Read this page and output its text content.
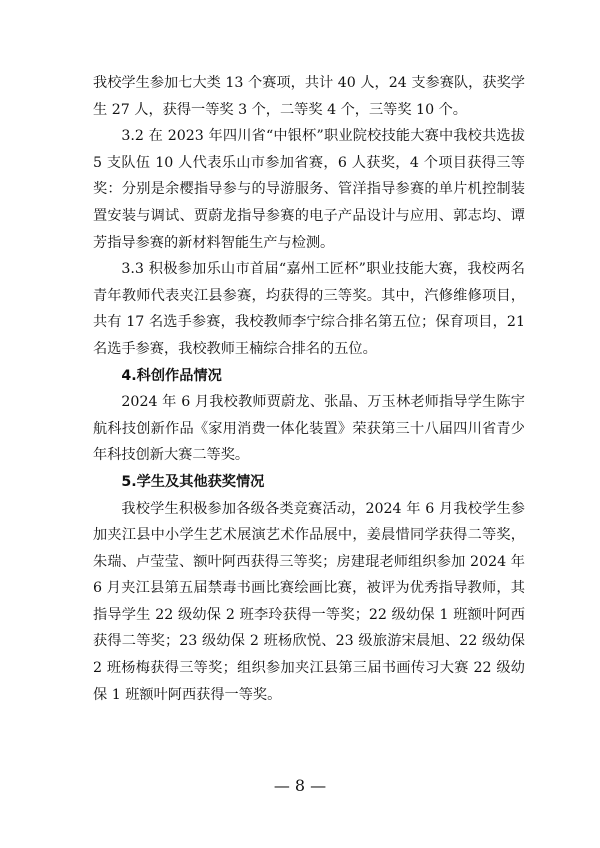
我校学生参加七大类 13 个赛项，共计 40 人，24 支参赛队，获奖学生 27 人，获得一等奖 3 个，二等奖 4 个，三等奖 10 个。

3.2 在 2023 年四川省“中银杯”职业院校技能大赛中我校共选拔 5 支队伍 10 人代表乐山市参加省赛，6 人获奖，4 个项目获得三等奖：分别是余樱指导参与的导游服务、管洋指导参赛的单片机控制装置安装与调试、贾蔚龙指导参赛的电子产品设计与应用、郭志均、谭芳指导参赛的新材料智能生产与检测。

3.3 积极参加乐山市首届“嘉州工匠杯”职业技能大赛，我校两名青年教师代表夹江县参赛，均获得的三等奖。其中，汽修维修项目，共有 17 名选手参赛，我校教师李宁综合排名第五位；保育项目，21 名选手参赛，我校教师王楠综合排名的五位。

4.科创作品情况

2024 年 6 月我校教师贾蔚龙、张晶、万玉林老师指导学生陈宇航科技创新作品《家用消费一体化装置》荣获第三十八届四川省青少年科技创新大赛二等奖。

5.学生及其他获奖情况

我校学生积极参加各级各类竞赛活动，2024 年 6 月我校学生参加夹江县中小学生艺术展演艺术作品展中，姜晨惜同学获得二等奖，朱瑞、卢莹莹、额叶阿西获得三等奖；房建琨老师组织参加 2024 年 6 月夹江县第五届禁毒书画比赛绘画比赛，被评为优秀指导教师，其指导学生 22 级幼保 2 班李玲获得一等奖；22 级幼保 1 班额叶阿西获得二等奖；23 级幼保 2 班杨欣悦、23 级旅游宋晨旭、22 级幼保 2 班杨梅获得三等奖；组织参加夹江县第三届书画传习大赛 22 级幼保 1 班额叶阿西获得一等奖。

— 8 —
